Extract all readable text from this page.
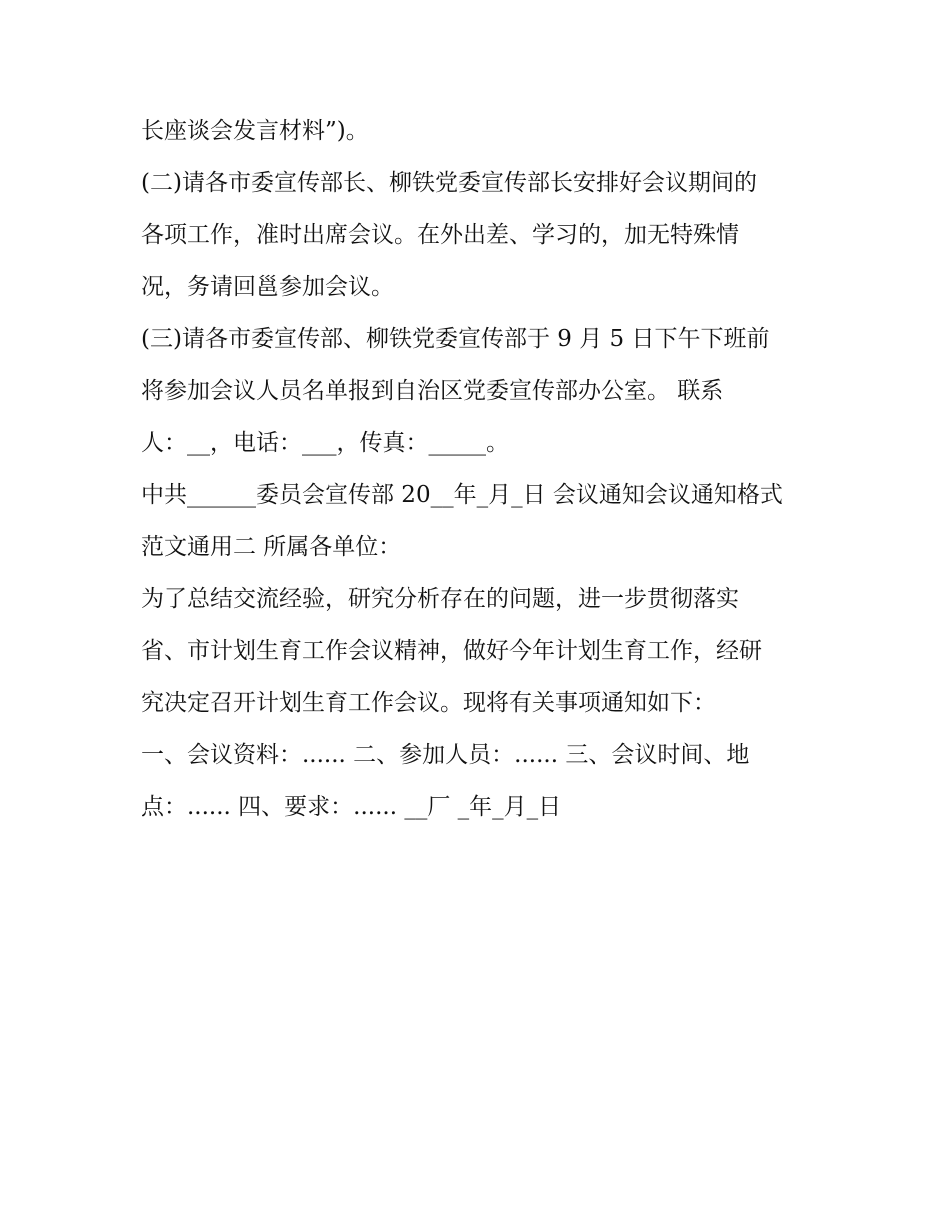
长座谈会发言材料”)。
(二)请各市委宣传部长、柳铁党委宣传部长安排好会议期间的
各项工作，准时出席会议。在外出差、学习的，加无特殊情
况，务请回邕参加会议。
(三)请各市委宣传部、柳铁党委宣传部于 9 月 5 日下午下班前
将参加会议人员名单报到自治区党委宣传部办公室。 联系
人：__，电话：___，传真：_____。
中共______委员会宣传部 20__年_月_日 会议通知会议通知格式
范文通用二 所属各单位：
为了总结交流经验，研究分析存在的问题，进一步贯彻落实
省、市计划生育工作会议精神，做好今年计划生育工作，经研
究决定召开计划生育工作会议。现将有关事项通知如下：
一、会议资料：...... 二、参加人员：...... 三、会议时间、地
点：...... 四、要求：...... __厂 _年_月_日
